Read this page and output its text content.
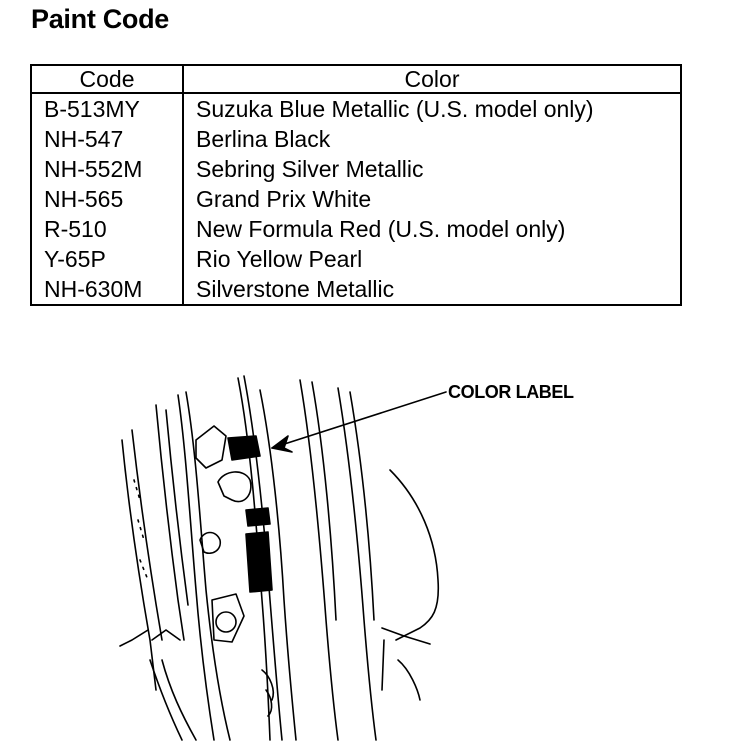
Paint Code
Code	Color
B-513MY	Suzuka Blue Metallic (U.S. model only)
NH-547	Berlina Black
NH-552M	Sebring Silver Metallic
NH-565	Grand Prix White
R-510	New Formula Red (U.S. model only)
Y-65P	Rio Yellow Pearl
NH-630M	Silverstone Metallic
COLOR LABEL
